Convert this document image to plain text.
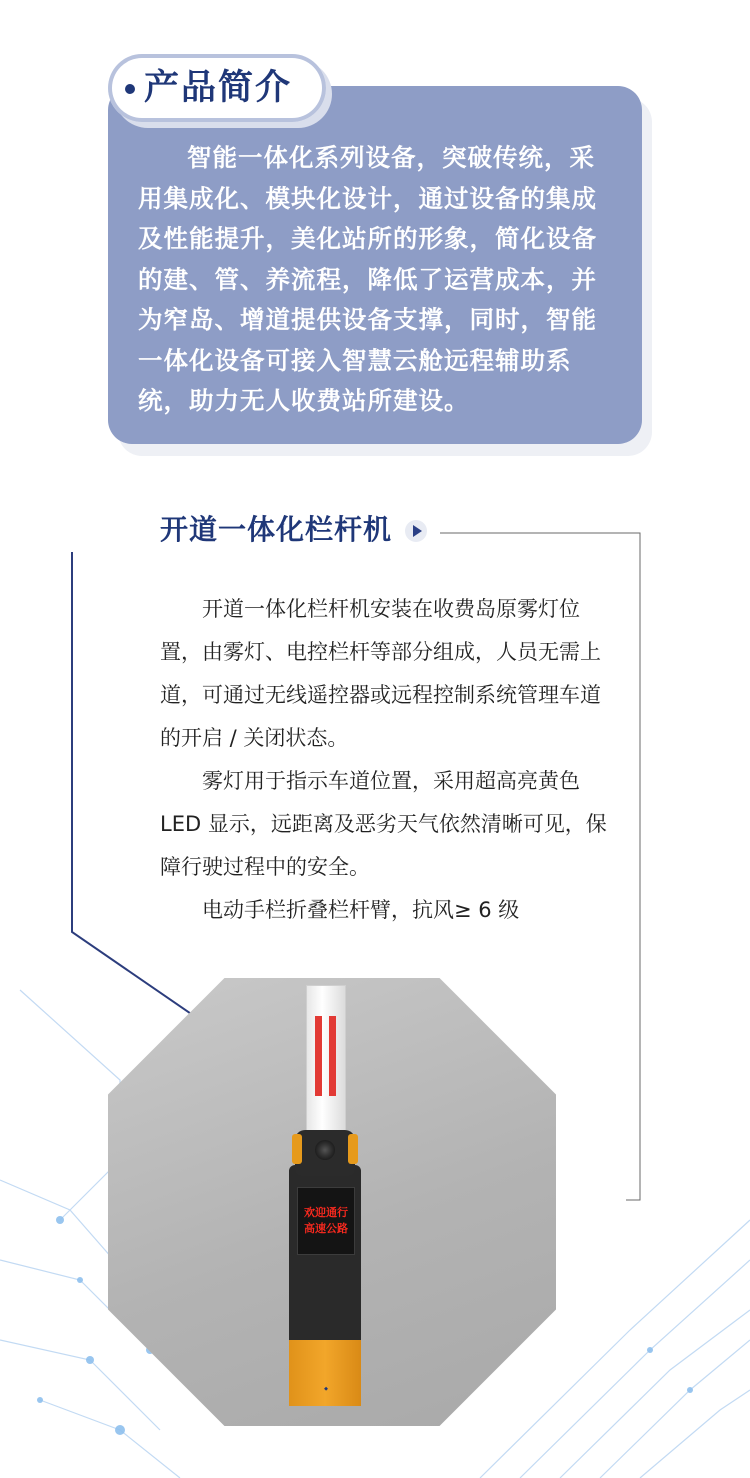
智能一体化系列设备，突破传统，采用集成化、模块化设计，通过设备的集成及性能提升，美化站所的形象，简化设备的建、管、养流程，降低了运营成本，并为窄岛、增道提供设备支撑，同时，智能一体化设备可接入智慧云舱远程辅助系统，助力无人收费站所建设。

产品简介
开道一体化栏杆机

开道一体化栏杆机安装在收费岛原雾灯位置，由雾灯、电控栏杆等部分组成，人员无需上道，可通过无线遥控器或远程控制系统管理车道的开启 / 关闭状态。

雾灯用于指示车道位置，采用超高亮黄色 LED 显示，远距离及恶劣天气依然清晰可见，保障行驶过程中的安全。

电动手栏折叠栏杆臂，抗风≥ 6 级

欢迎通行
高速公路
◆
